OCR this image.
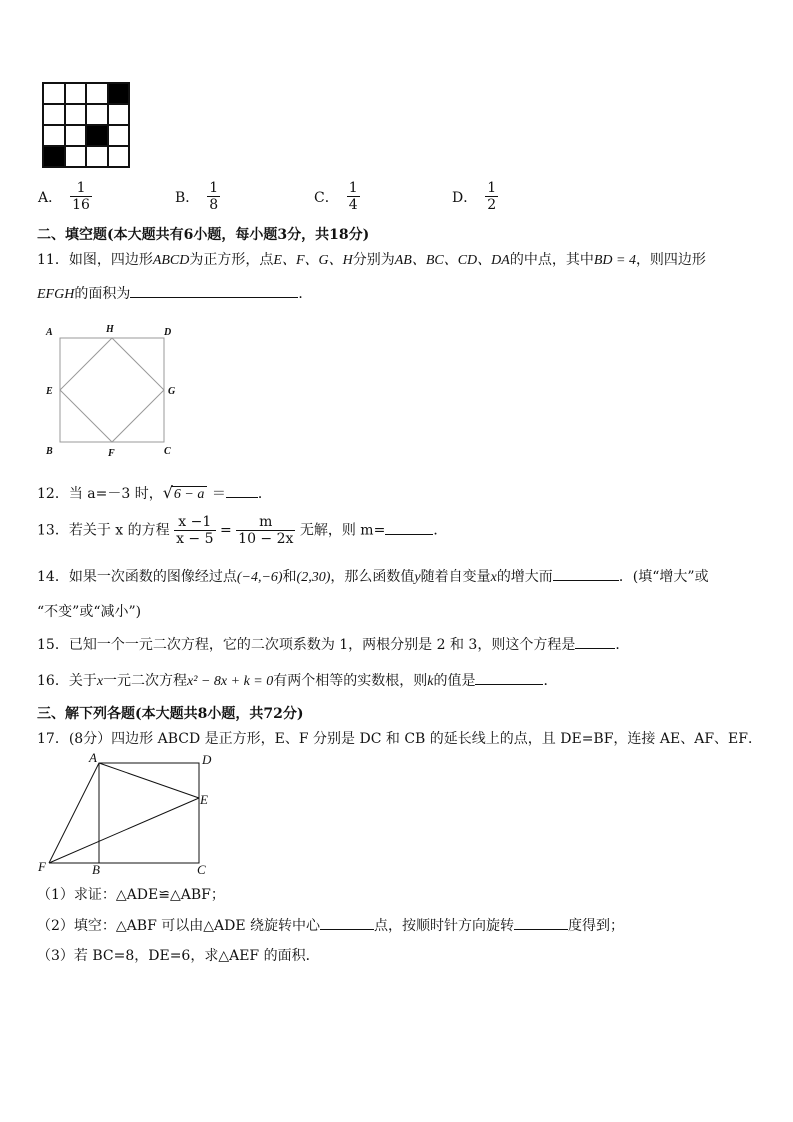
A． $\frac{1}{16}$	B． $\frac{1}{8}$	C． $\frac{1}{4}$	D． $\frac{1}{2}$
二、填空题(本大题共有6小题，每小题3分，共18分)
11．如图，四边形ABCD为正方形，点E、F、G、H分别为AB、BC、CD、DA的中点，其中BD = 4，则四边形
EFGH的面积为	．
A	H	D
E	G
B	F	C
12．当 a=－3 时，√6 − a ＝ ．
13．若关于 x 的方程 $\frac{x -1}{x - 5} = \frac{m}{10 - 2x}$ 无解，则 m=	．
14．如果一次函数的图像经过点(−4,−6)和(2,30)，那么函数值y随着自变量x的增大而	．(填“增大”或
“不变”或“减小”)
15．已知一个一元二次方程，它的二次项系数为 1，两根分别是 2 和 3，则这个方程是	．
16．关于x一元二次方程x² − 8x + k = 0有两个相等的实数根，则k的值是	．
三、解下列各题(本大题共8小题，共72分)
17．(8分）四边形 ABCD 是正方形，E、F 分别是 DC 和 CB 的延长线上的点，且 DE=BF，连接 AE、AF、EF．
A	D
E
F	B	C
（1）求证：△ADE≌△ABF；
（2）填空：△ABF 可以由△ADE 绕旋转中心	点，按顺时针方向旋转	度得到；
（3）若 BC=8，DE=6，求△AEF 的面积．
